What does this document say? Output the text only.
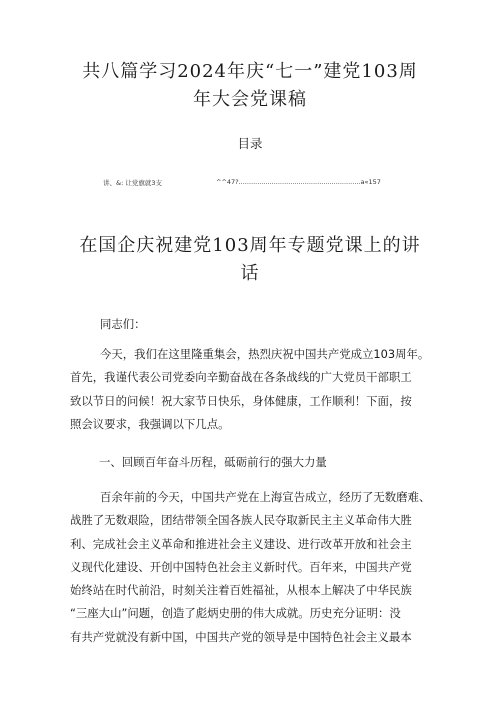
共八篇学习2024年庆“七一”建党103周
年大会党课稿
目录
讲、&: 让党旗就3支	^^47?...........................................................a«157
在国企庆祝建党103周年专题党课上的讲
话
同志们：
今天，我们在这里隆重集会，热烈庆祝中国共产党成立103周年。
首先，我谨代表公司党委向辛勤奋战在各条战线的广大党员干部职工
致以节日的问候！祝大家节日快乐，身体健康，工作顺利！下面，按
照会议要求，我强调以下几点。
一、回顾百年奋斗历程，砥砺前行的强大力量
百余年前的今天，中国共产党在上海宣告成立，经历了无数磨难、
战胜了无数艰险，团结带领全国各族人民夺取新民主主义革命伟大胜
利、完成社会主义革命和推进社会主义建设、进行改革开放和社会主
义现代化建设、开创中国特色社会主义新时代。百年来，中国共产党
始终站在时代前沿，时刻关注着百姓福祉，从根本上解决了中华民族
“三座大山”问题，创造了彪炳史册的伟大成就。历史充分证明：没
有共产党就没有新中国，中国共产党的领导是中国特色社会主义最本
